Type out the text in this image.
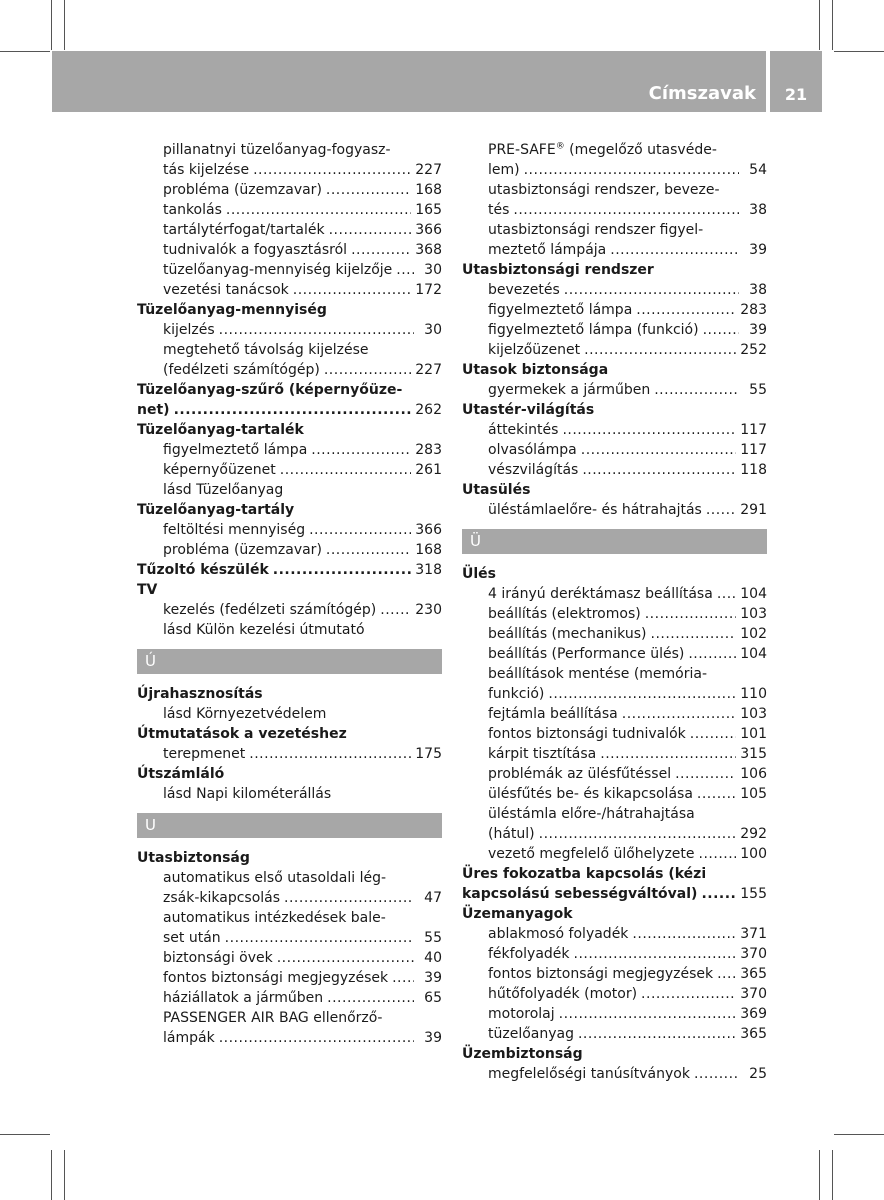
Címszavak	21
pillanatnyi tüzelőanyag-fogyasz-
tás kijelzése .....	227
probléma (üzemzavar) .....	168
tankolás .....	165
tartálytérfogat/tartalék .....	366
tudnivalók a fogyasztásról .....	368
tüzelőanyag-mennyiség kijelzője .....	30
vezetési tanácsok .....	172
Tüzelőanyag-mennyiség
kijelzés .....	30
megtehető távolság kijelzése
(fedélzeti számítógép) .....	227
Tüzelőanyag-szűrő (képernyőüze-
net) .....	262
Tüzelőanyag-tartalék
figyelmeztető lámpa .....	283
képernyőüzenet .....	261
lásd Tüzelőanyag
Tüzelőanyag-tartály
feltöltési mennyiség .....	366
probléma (üzemzavar) .....	168
Tűzoltó készülék .....	318
TV
kezelés (fedélzeti számítógép) .....	230
lásd Külön kezelési útmutató
Ú
Újrahasznosítás
lásd Környezetvédelem
Útmutatások a vezetéshez
terepmenet .....	175
Útszámláló
lásd Napi kilométerállás
U
Utasbiztonság
automatikus első utasoldali lég-
zsák-kikapcsolás .....	47
automatikus intézkedések bale-
set után .....	55
biztonsági övek .....	40
fontos biztonsági megjegyzések .....	39
háziállatok a járműben .....	65
PASSENGER AIR BAG ellenőrző-
lámpák .....	39
PRE-SAFE® (megelőző utasvéde-
lem) .....	54
utasbiztonsági rendszer, beveze-
tés .....	38
utasbiztonsági rendszer figyel-
meztető lámpája .....	39
Utasbiztonsági rendszer
bevezetés .....	38
figyelmeztető lámpa .....	283
figyelmeztető lámpa (funkció) .....	39
kijelzőüzenet .....	252
Utasok biztonsága
gyermekek a járműben .....	55
Utastér-világítás
áttekintés .....	117
olvasólámpa .....	117
vészvilágítás .....	118
Utasülés
üléstámlaelőre- és hátrahajtás .....	291
Ü
Ülés
4 irányú deréktámasz beállítása ..... 104
beállítás (elektromos) .....	103
beállítás (mechanikus) .....	102
beállítás (Performance ülés) .....	104
beállítások mentése (memória-
funkció) .....	110
fejtámla beállítása .....	103
fontos biztonsági tudnivalók .....	101
kárpit tisztítása .....	315
problémák az ülésfűtéssel .....	106
ülésfűtés be- és kikapcsolása .....	105
üléstámla előre-/hátrahajtása
(hátul) .....	292
vezető megfelelő ülőhelyzete .....	100
Üres fokozatba kapcsolás (kézi
kapcsolású sebességváltóval) .....	155
Üzemanyagok
ablakmosó folyadék .....	371
fékfolyadék .....	370
fontos biztonsági megjegyzések ..... 365
hűtőfolyadék (motor) .....	370
motorolaj .....	369
tüzelőanyag .....	365
Üzembiztonság
megfelelőségi tanúsítványok .....	25
